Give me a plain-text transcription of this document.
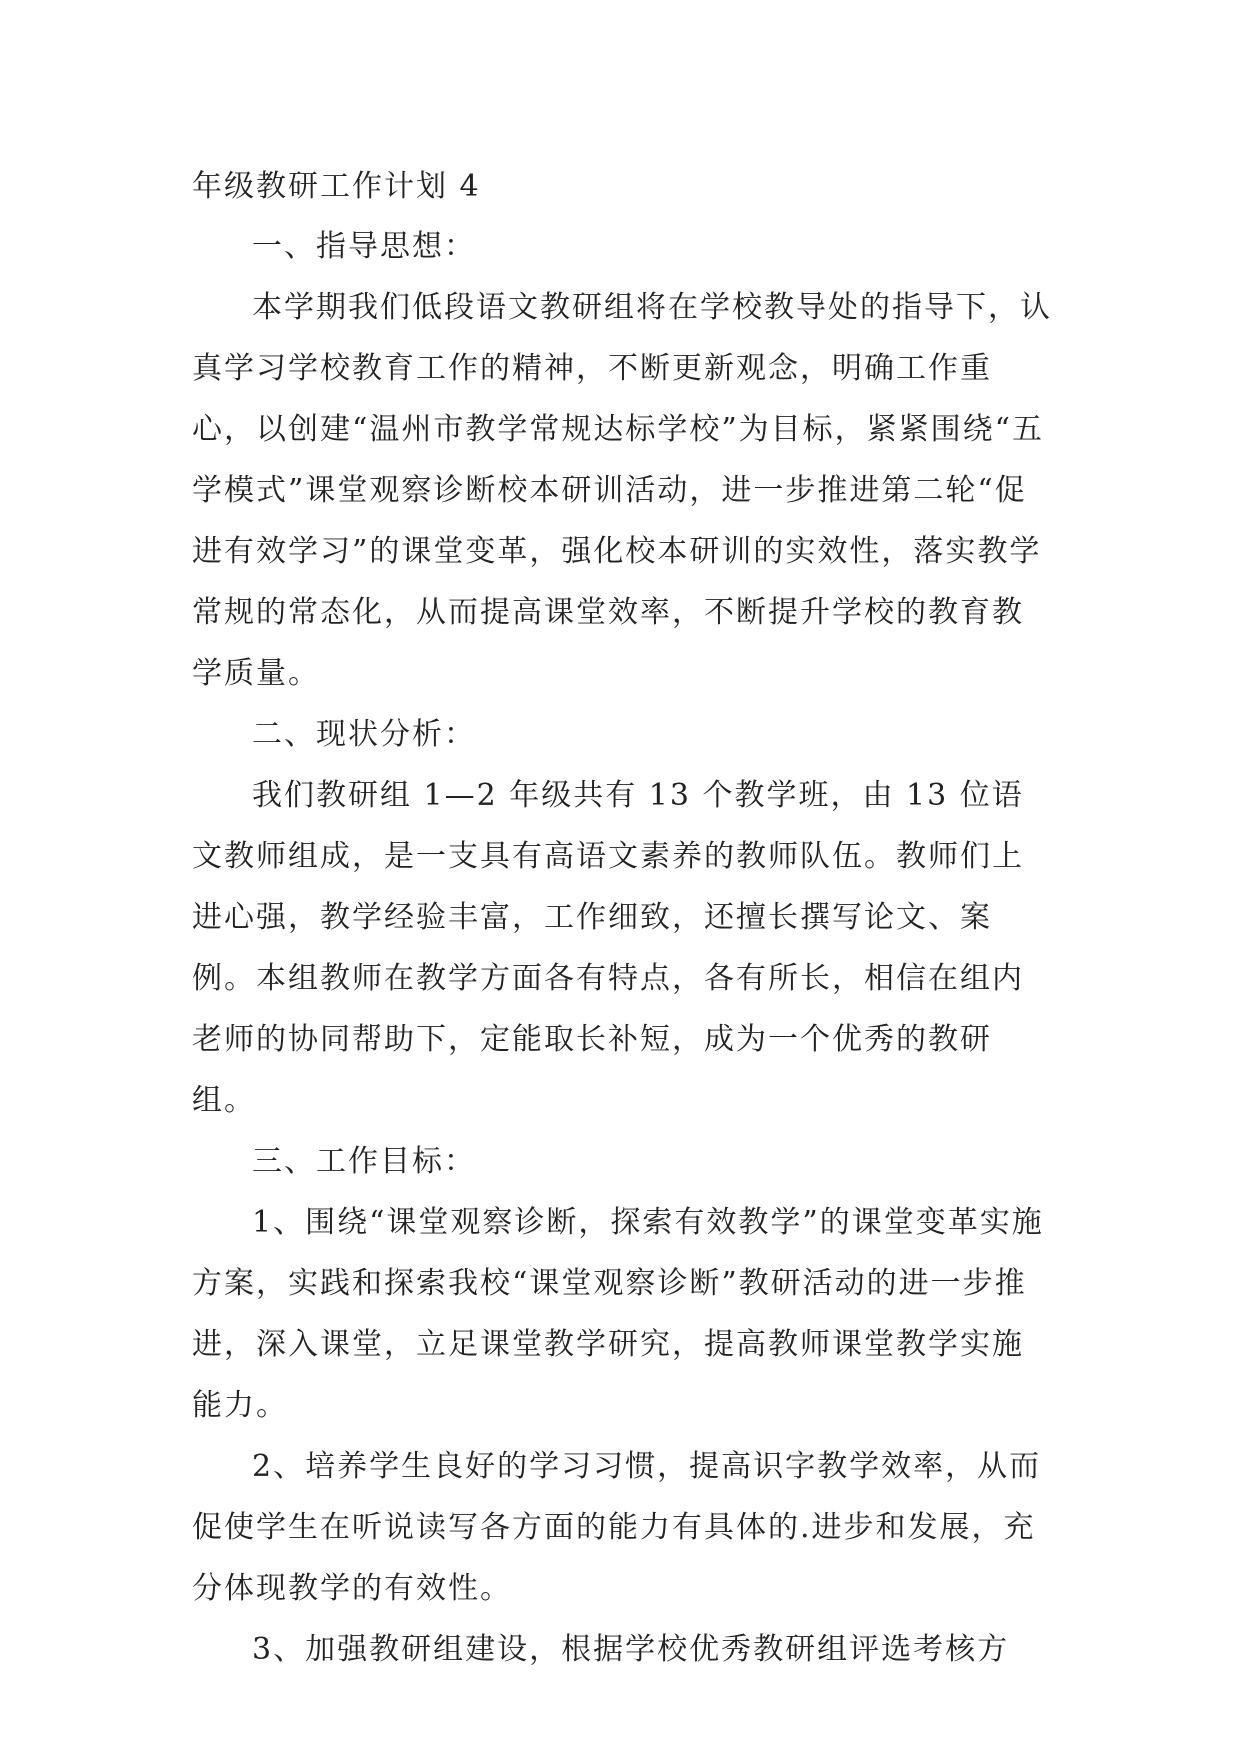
年级教研工作计划 4

一、指导思想：

本学期我们低段语文教研组将在学校教导处的指导下，认真学习学校教育工作的精神，不断更新观念，明确工作重心，以创建“温州市教学常规达标学校”为目标，紧紧围绕“五学模式”课堂观察诊断校本研训活动，进一步推进第二轮“促进有效学习”的课堂变革，强化校本研训的实效性，落实教学常规的常态化，从而提高课堂效率，不断提升学校的教育教学质量。

二、现状分析：

我们教研组 1—2 年级共有 13 个教学班，由 13 位语文教师组成，是一支具有高语文素养的教师队伍。教师们上进心强，教学经验丰富，工作细致，还擅长撰写论文、案例。本组教师在教学方面各有特点，各有所长，相信在组内老师的协同帮助下，定能取长补短，成为一个优秀的教研组。

三、工作目标：

1、围绕“课堂观察诊断，探索有效教学”的课堂变革实施方案，实践和探索我校“课堂观察诊断”教研活动的进一步推进，深入课堂，立足课堂教学研究，提高教师课堂教学实施能力。

2、培养学生良好的学习习惯，提高识字教学效率，从而促使学生在听说读写各方面的能力有具体的.进步和发展，充分体现教学的有效性。

3、加强教研组建设，根据学校优秀教研组评选考核方
